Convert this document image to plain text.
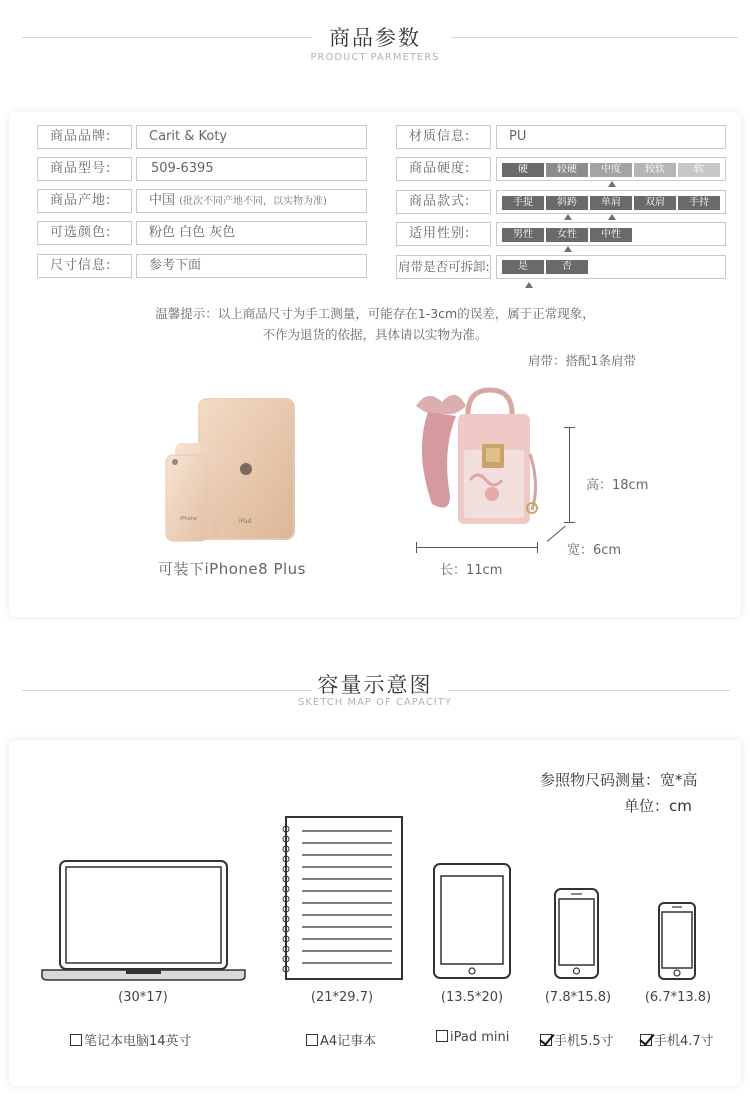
商品参数
PRODUCT PARMETERS
商品品牌:	Carit & Koty
商品型号:	509-6395
商品产地:	中国 (批次不同产地不同，以实物为准)
可选颜色:	粉色 白色 灰色
尺寸信息:	参考下面
材质信息:	PU
商品硬度:	硬	较硬	中度	较软	软
商品款式:	手提	斜跨	单肩	双肩	手持
适用性别:	男性	女性	中性
肩带是否可拆卸:	是	否
温馨提示：以上商品尺寸为手工测量，可能存在1-3cm的误差，属于正常现象，
不作为退货的依据，具体请以实物为准。
肩带：搭配1条肩带
iPad
iPhone
可装下iPhone8 Plus
高：18cm
长：11cm
宽：6cm
容量示意图
SKETCH MAP OF CAPACITY
参照物尺码测量：宽*高
单位：cm
(30*17)	(21*29.7)	(13.5*20)	(7.8*15.8)	(6.7*13.8)
笔记本电脑14英寸	A4记事本	iPad mini	手机5.5寸	手机4.7寸
